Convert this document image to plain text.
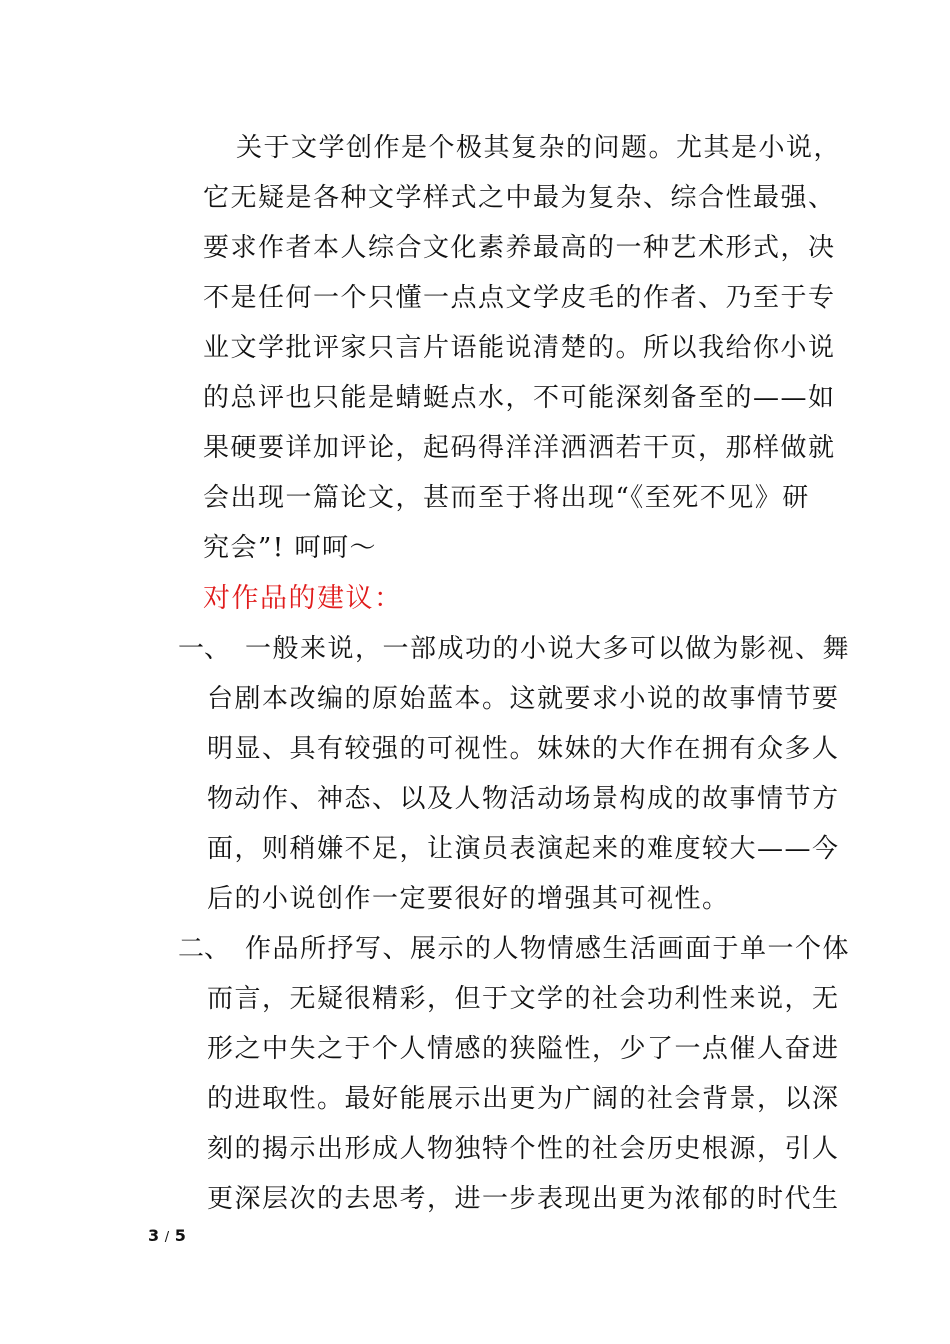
关于文学创作是个极其复杂的问题。尤其是小说，
它无疑是各种文学样式之中最为复杂、综合性最强、
要求作者本人综合文化素养最高的一种艺术形式，决
不是任何一个只懂一点点文学皮毛的作者、乃至于专
业文学批评家只言片语能说清楚的。所以我给你小说
的总评也只能是蜻蜓点水，不可能深刻备至的——如
果硬要详加评论，起码得洋洋洒洒若干页，那样做就
会出现一篇论文，甚而至于将出现“《至死不见》研
究会”! 呵呵～
对作品的建议：
一、 一般来说，一部成功的小说大多可以做为影视、舞
台剧本改编的原始蓝本。这就要求小说的故事情节要
明显、具有较强的可视性。妹妹的大作在拥有众多人
物动作、神态、以及人物活动场景构成的故事情节方
面，则稍嫌不足，让演员表演起来的难度较大——今
后的小说创作一定要很好的增强其可视性。
二、 作品所抒写、展示的人物情感生活画面于单一个体
而言，无疑很精彩，但于文学的社会功利性来说，无
形之中失之于个人情感的狭隘性，少了一点催人奋进
的进取性。最好能展示出更为广阔的社会背景，以深
刻的揭示出形成人物独特个性的社会历史根源，引人
更深层次的去思考，进一步表现出更为浓郁的时代生
3 / 5
